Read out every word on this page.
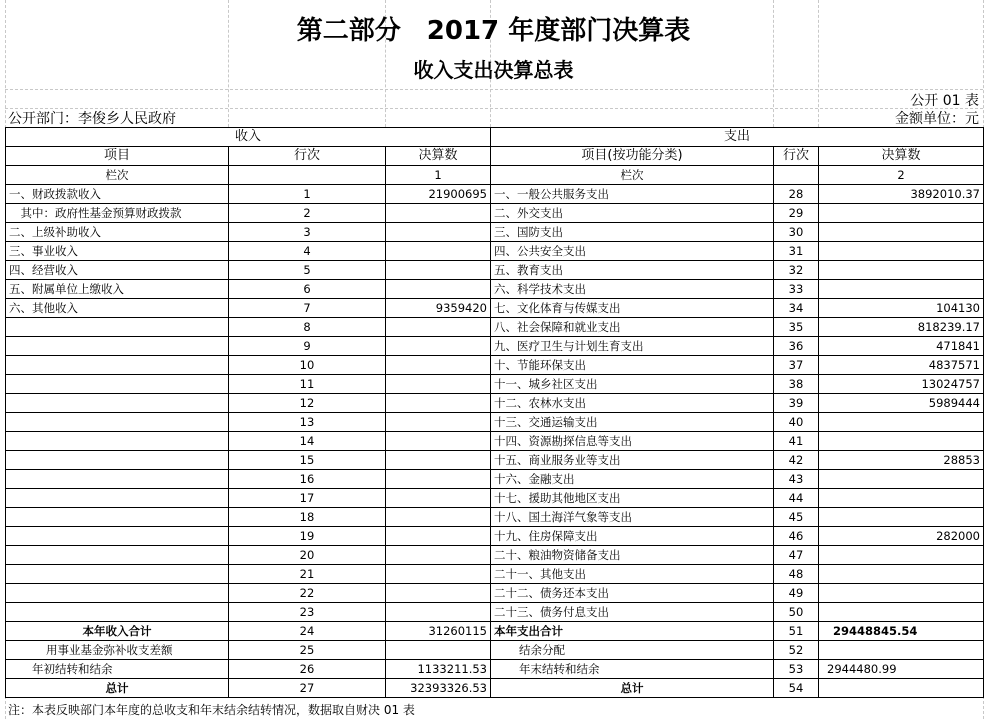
第二部分　2017 年度部门决算表
收入支出决算总表
公开 01 表
公开部门：李俊乡人民政府	金额单位：元
收入	支出
项目	行次	决算数	项目(按功能分类)	行次	决算数
栏次		1	栏次		2
一、财政拨款收入	1	21900695	一、一般公共服务支出	28	3892010.37
　其中：政府性基金预算财政拨款	2		二、外交支出	29	
二、上级补助收入	3		三、国防支出	30	
三、事业收入	4		四、公共安全支出	31	
四、经营收入	5		五、教育支出	32	
五、附属单位上缴收入	6		六、科学技术支出	33	
六、其他收入	7	9359420	七、文化体育与传媒支出	34	104130
	8		八、社会保障和就业支出	35	818239.17
	9		九、医疗卫生与计划生育支出	36	471841
	10		十、节能环保支出	37	4837571
	11		十一、城乡社区支出	38	13024757
	12		十二、农林水支出	39	5989444
	13		十三、交通运输支出	40	
	14		十四、资源勘探信息等支出	41	
	15		十五、商业服务业等支出	42	28853
	16		十六、金融支出	43	
	17		十七、援助其他地区支出	44	
	18		十八、国土海洋气象等支出	45	
	19		十九、住房保障支出	46	282000
	20		二十、粮油物资储备支出	47	
	21		二十一、其他支出	48	
	22		二十二、债务还本支出	49	
	23		二十三、债务付息支出	50	
本年收入合计	24	31260115	本年支出合计	51	29448845.54
用事业基金弥补收支差额	25		结余分配	52	
年初结转和结余	26	1133211.53	年末结转和结余	53	2944480.99
总计	27	32393326.53	总计	54	
注：本表反映部门本年度的总收支和年末结余结转情况，数据取自财决 01 表
